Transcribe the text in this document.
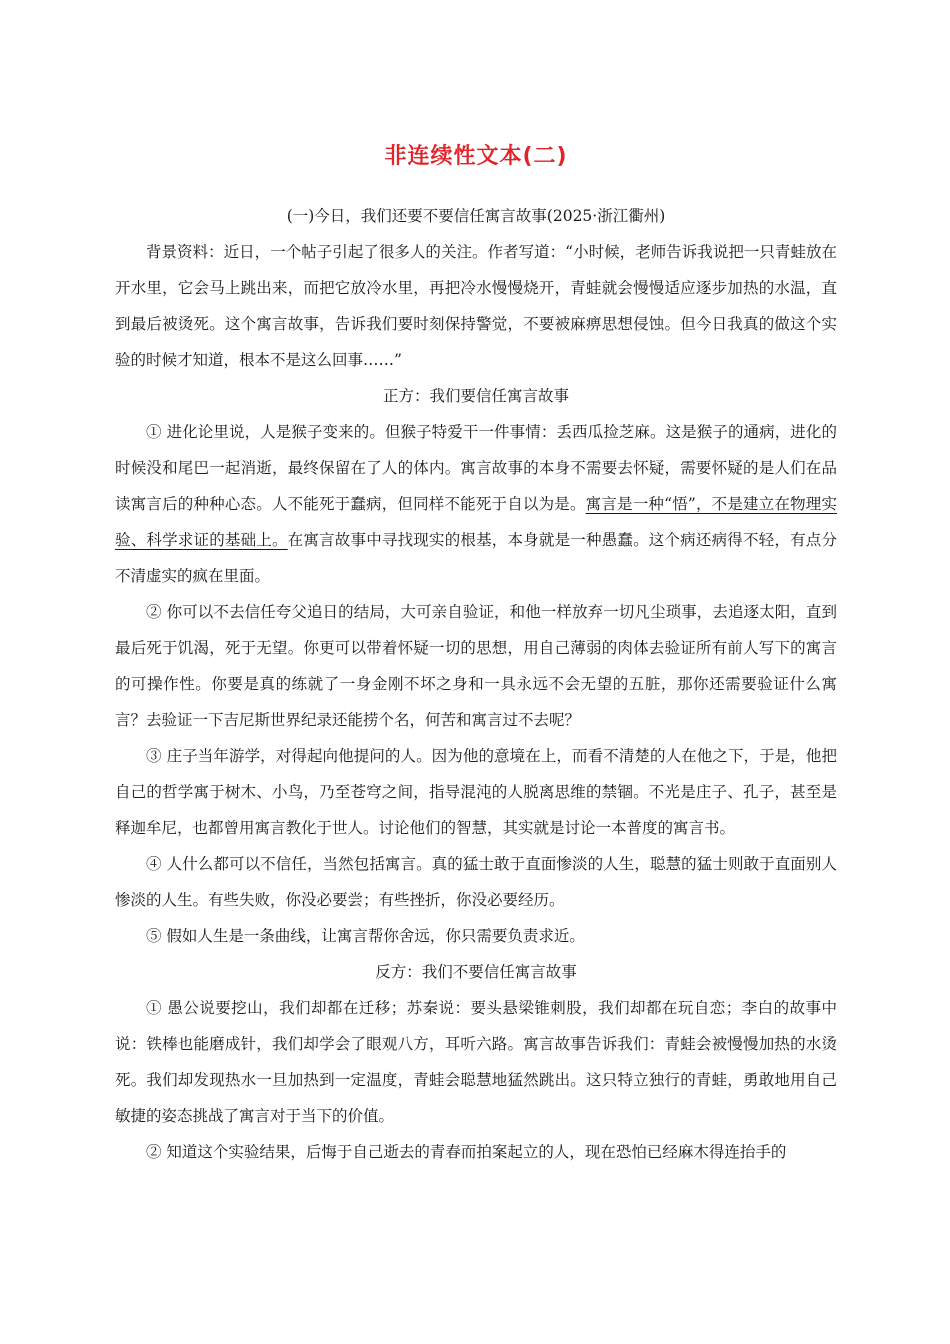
非连续性文本(二)

(一)今日，我们还要不要信任寓言故事(2025·浙江衢州)

背景资料：近日，一个帖子引起了很多人的关注。作者写道：“小时候，老师告诉我说把一只青蛙放在开水里，它会马上跳出来，而把它放冷水里，再把冷水慢慢烧开，青蛙就会慢慢适应逐步加热的水温，直到最后被烫死。这个寓言故事，告诉我们要时刻保持警觉，不要被麻痹思想侵蚀。但今日我真的做这个实验的时候才知道，根本不是这么回事……”

正方：我们要信任寓言故事

① 进化论里说，人是猴子变来的。但猴子特爱干一件事情：丢西瓜捡芝麻。这是猴子的通病，进化的时候没和尾巴一起消逝，最终保留在了人的体内。寓言故事的本身不需要去怀疑，需要怀疑的是人们在品读寓言后的种种心态。人不能死于蠢病，但同样不能死于自以为是。寓言是一种“悟”，不是建立在物理实验、科学求证的基础上。在寓言故事中寻找现实的根基，本身就是一种愚蠢。这个病还病得不轻，有点分不清虚实的疯在里面。

② 你可以不去信任夸父追日的结局，大可亲自验证，和他一样放弃一切凡尘琐事，去追逐太阳，直到最后死于饥渴，死于无望。你更可以带着怀疑一切的思想，用自己薄弱的肉体去验证所有前人写下的寓言的可操作性。你要是真的练就了一身金刚不坏之身和一具永远不会无望的五脏，那你还需要验证什么寓言？去验证一下吉尼斯世界纪录还能捞个名，何苦和寓言过不去呢？

③ 庄子当年游学，对得起向他提问的人。因为他的意境在上，而看不清楚的人在他之下，于是，他把自己的哲学寓于树木、小鸟，乃至苍穹之间，指导混沌的人脱离思维的禁锢。不光是庄子、孔子，甚至是释迦牟尼，也都曾用寓言教化于世人。讨论他们的智慧，其实就是讨论一本普度的寓言书。

④ 人什么都可以不信任，当然包括寓言。真的猛士敢于直面惨淡的人生，聪慧的猛士则敢于直面别人惨淡的人生。有些失败，你没必要尝；有些挫折，你没必要经历。

⑤ 假如人生是一条曲线，让寓言帮你舍远，你只需要负责求近。

反方：我们不要信任寓言故事

① 愚公说要挖山，我们却都在迁移；苏秦说：要头悬梁锥刺股，我们却都在玩自恋；李白的故事中说：铁棒也能磨成针，我们却学会了眼观八方，耳听六路。寓言故事告诉我们：青蛙会被慢慢加热的水烫死。我们却发现热水一旦加热到一定温度，青蛙会聪慧地猛然跳出。这只特立独行的青蛙，勇敢地用自己敏捷的姿态挑战了寓言对于当下的价值。

② 知道这个实验结果，后悔于自己逝去的青春而拍案起立的人，现在恐怕已经麻木得连抬手的
